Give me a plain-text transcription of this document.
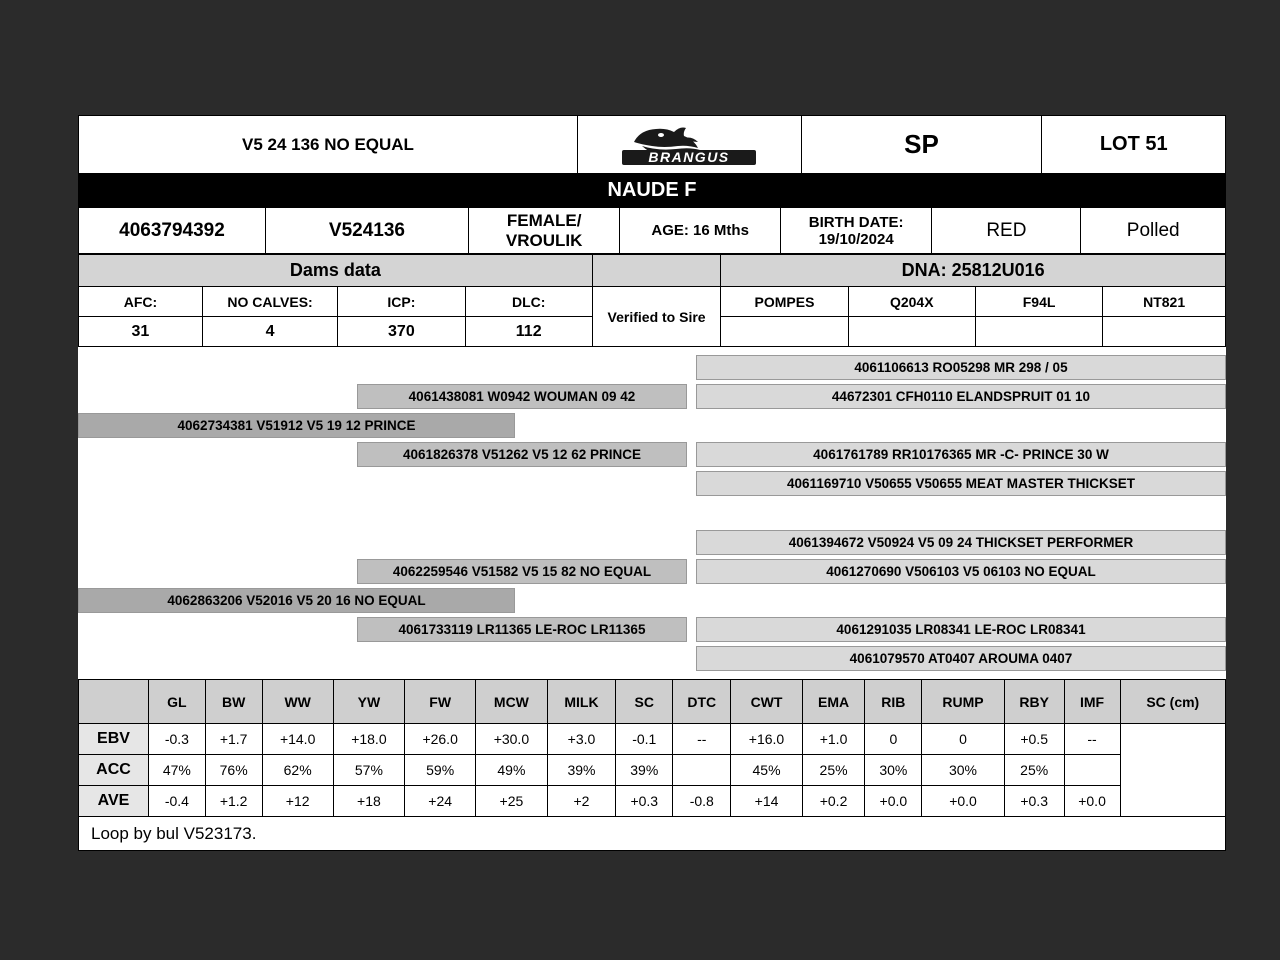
V5 24 136 NO EQUAL	
BRANGUS	SP	LOT 51
NAUDE F
4063794392	V524136	FEMALE/ VROULIK	AGE: 16 Mths	BIRTH DATE:
19/10/2024	RED	Polled
Dams data					DNA: 25812U016			
AFC:	NO CALVES:	ICP:	DLC:	Verified to Sire	POMPES	Q204X	F94L	NT821
31	4	370	112					
4061106613 RO05298 MR 298 / 05
4061438081 W0942 WOUMAN 09 42	44672301 CFH0110 ELANDSPRUIT 01 10
4062734381 V51912 V5 19 12 PRINCE
4061826378 V51262 V5 12 62 PRINCE	4061761789 RR10176365 MR -C- PRINCE 30 W
4061169710 V50655 V50655 MEAT MASTER THICKSET
4061394672 V50924 V5 09 24 THICKSET PERFORMER
4062259546 V51582 V5 15 82 NO EQUAL	4061270690 V506103 V5 06103 NO EQUAL
4062863206 V52016 V5 20 16 NO EQUAL
4061733119 LR11365 LE-ROC LR11365	4061291035 LR08341 LE-ROC LR08341
4061079570 AT0407 AROUMA 0407
	GL	BW	WW	YW	FW	MCW	MILK	SC	DTC	CWT	EMA	RIB	RUMP	RBY	IMF	SC (cm)
EBV	-0.3	+1.7	+14.0	+18.0	+26.0	+30.0	+3.0	-0.1	--	+16.0	+1.0	0	0	+0.5	--	
ACC	47%	76%	62%	57%	59%	49%	39%	39%		45%	25%	30%	30%	25%		
AVE	-0.4	+1.2	+12	+18	+24	+25	+2	+0.3	-0.8	+14	+0.2	+0.0	+0.0	+0.3	+0.0	
Loop by bul V523173.
